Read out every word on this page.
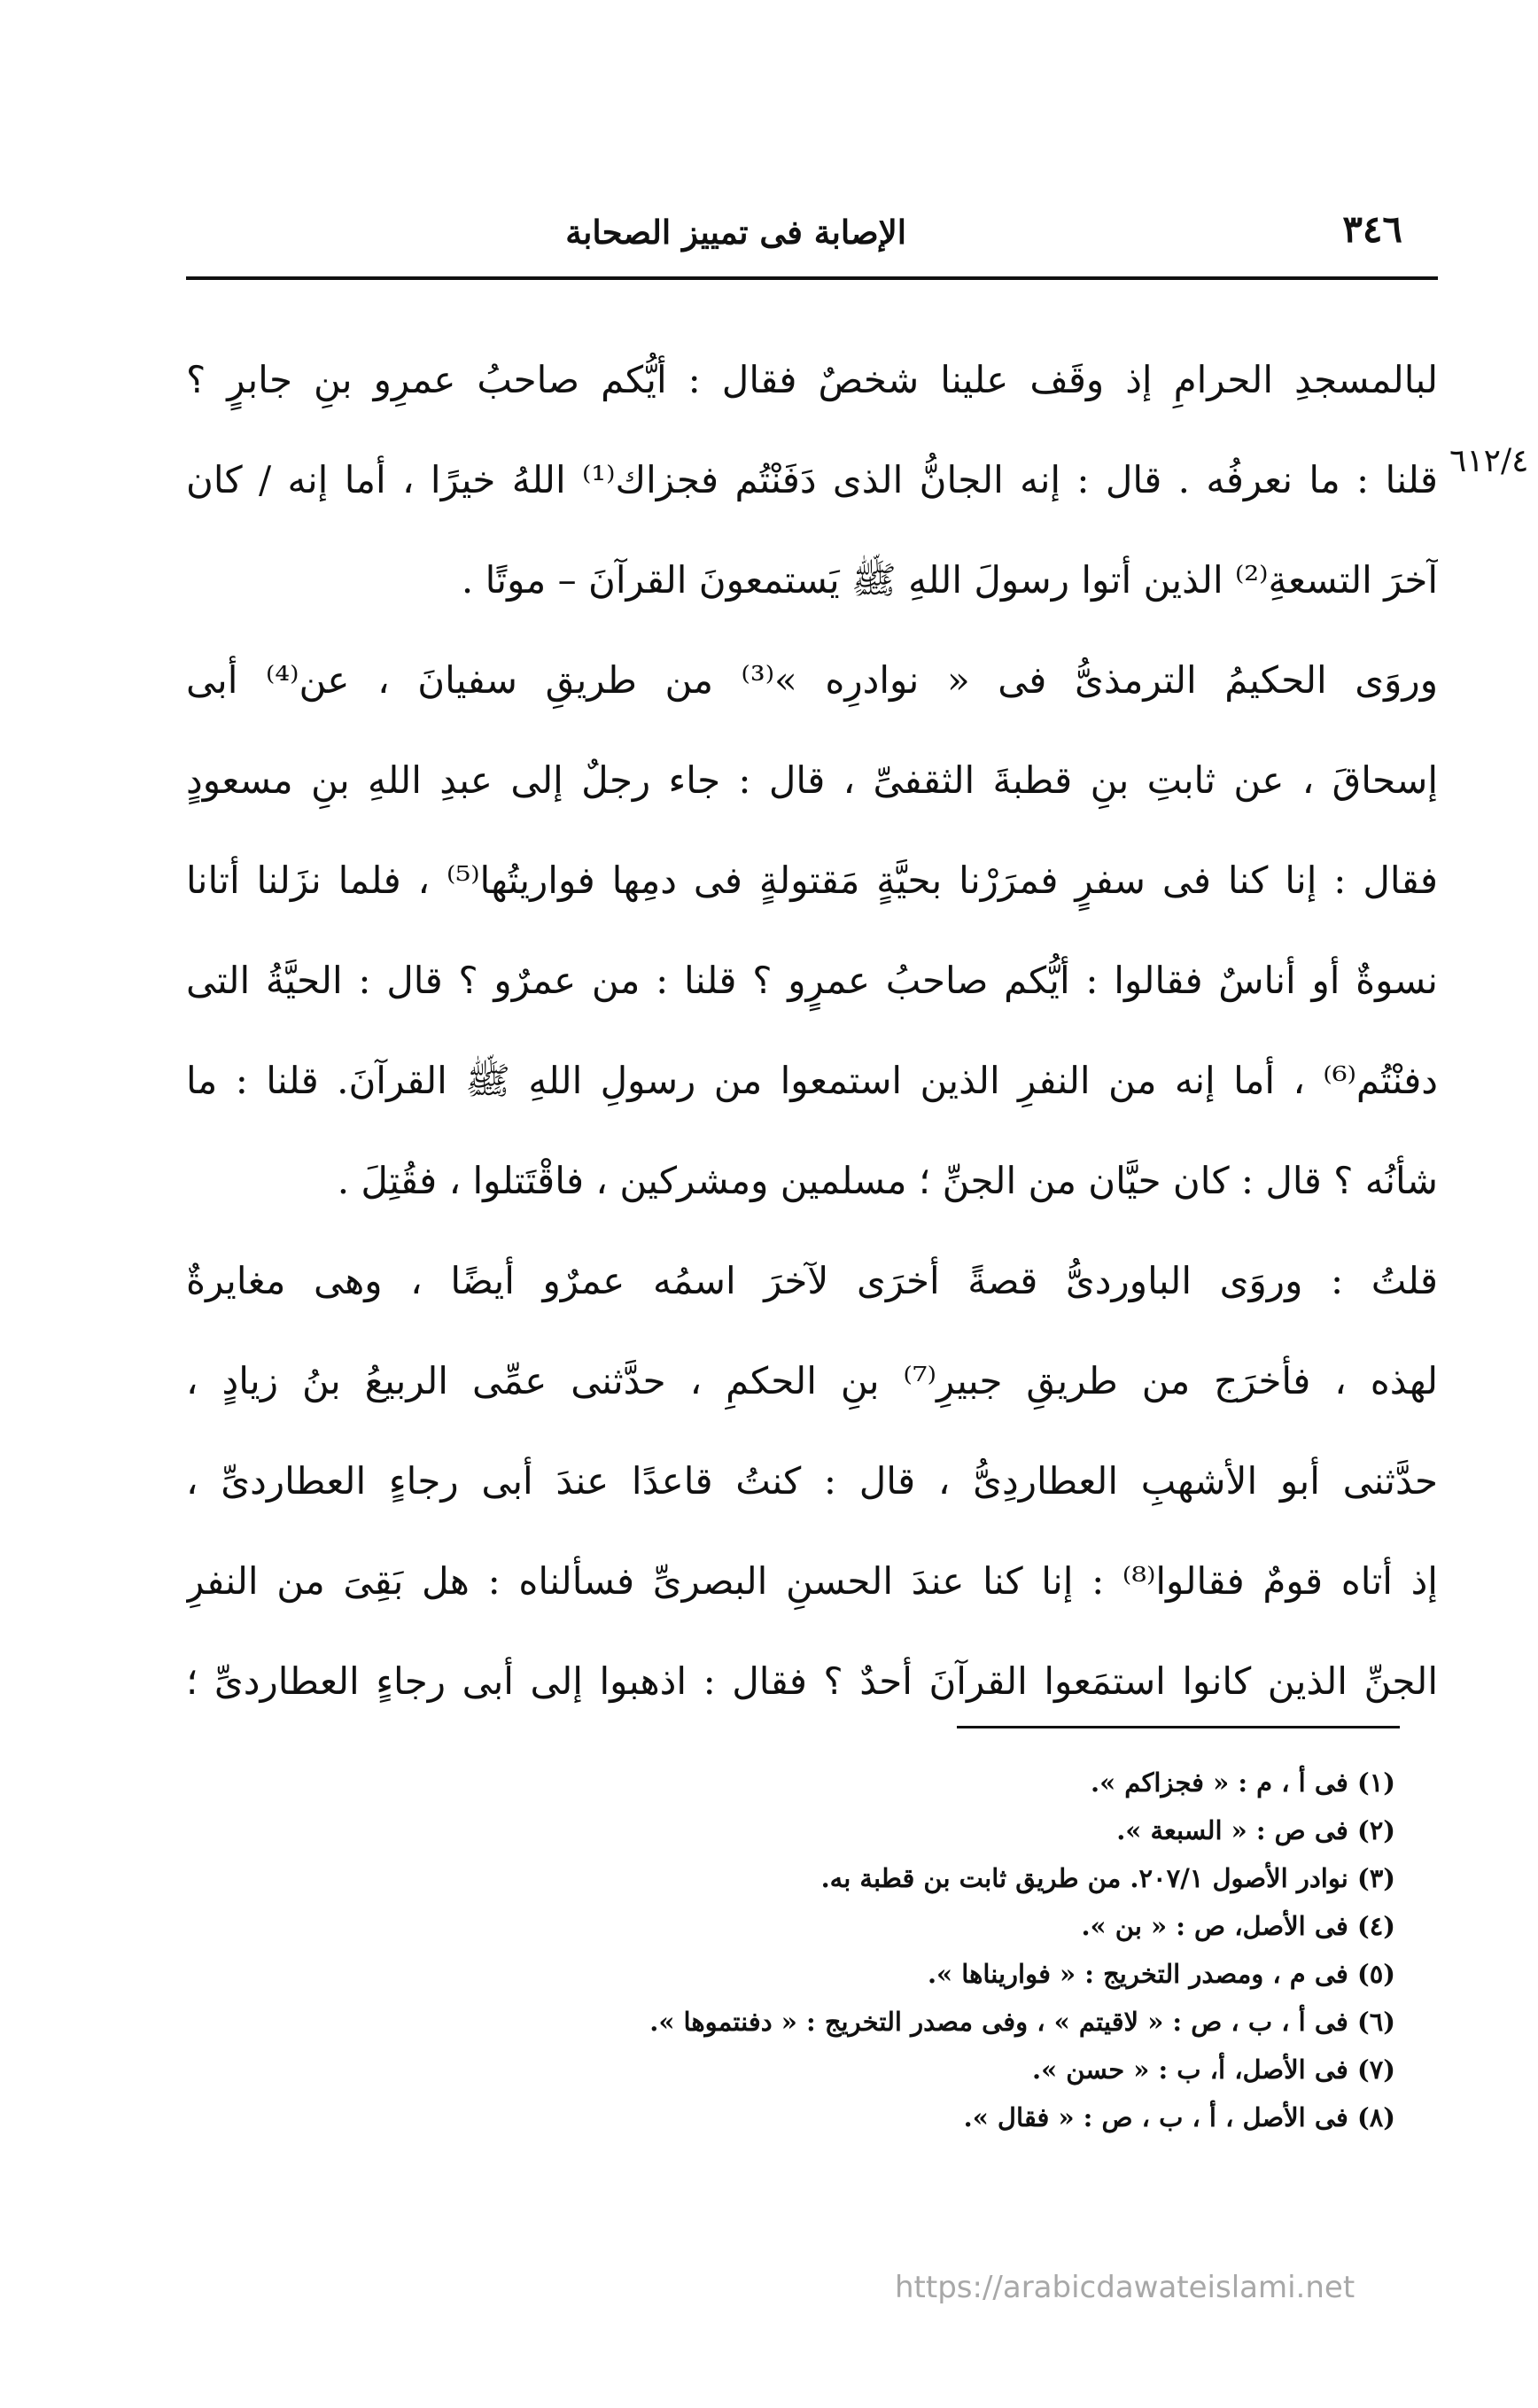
الإصابة فى تمييز الصحابة	٣٤٦
٦١٢/٤
لبالمسجدِ الحرامِ إذ وقَف علينا شخصٌ فقال : أيُّكم صاحبُ عمرِو بنِ جابرٍ ؟
قلنا : ما نعرفُه . قال : إنه الجانُّ الذى دَفَنْتُم فجزاك⁽¹⁾ اللهُ خيرًا ، أما إنه / كان
آخرَ التسعةِ⁽²⁾ الذين أتوا رسولَ اللهِ ﷺ يَستمعونَ القرآنَ – موتًا .
وروَى الحكيمُ الترمذىُّ فى « نوادرِه »⁽³⁾ من طريقِ سفيانَ ، عن⁽⁴⁾ أبى
إسحاقَ ، عن ثابتِ بنِ قطبةَ الثقفىِّ ، قال : جاء رجلٌ إلى عبدِ اللهِ بنِ مسعودٍ
فقال : إنا كنا فى سفرٍ فمرَرْنا بحيَّةٍ مَقتولةٍ فى دمِها فواريتُها⁽⁵⁾ ، فلما نزَلنا أتانا
نسوةٌ أو أناسٌ فقالوا : أيُّكم صاحبُ عمرٍو ؟ قلنا : من عمرٌو ؟ قال : الحيَّةُ التى
دفنْتُم⁽⁶⁾ ، أما إنه من النفرِ الذين استمعوا من رسولِ اللهِ ﷺ القرآنَ. قلنا : ما
شأنُه ؟ قال : كان حيَّان من الجنِّ ؛ مسلمين ومشركين ، فاقْتَتلوا ، فقُتِلَ .
قلتُ : وروَى الباوردىُّ قصةً أخرَى لآخرَ اسمُه عمرٌو أيضًا ، وهى مغايرةٌ
لهذه ، فأخرَج من طريقِ جبيرِ⁽⁷⁾ بنِ الحكمِ ، حدَّثنى عمِّى الربيعُ بنُ زيادٍ ،
حدَّثنى أبو الأشهبِ العطاردِىُّ ، قال : كنتُ قاعدًا عندَ أبى رجاءٍ العطاردىِّ ،
إذ أتاه قومٌ فقالوا⁽⁸⁾ : إنا كنا عندَ الحسنِ البصرىِّ فسألناه : هل بَقِىَ من النفرِ
الجنِّ الذين كانوا استمَعوا القرآنَ أحدٌ ؟ فقال : اذهبوا إلى أبى رجاءٍ العطاردىِّ ؛
(١) فى أ ، م : « فجزاكم ».
(٢) فى ص : « السبعة ».
(٣) نوادر الأصول ٢٠٧/١. من طريق ثابت بن قطبة به.
(٤) فى الأصل، ص : « بن ».
(٥) فى م ، ومصدر التخريج : « فواريناها ».
(٦) فى أ ، ب ، ص : « لاقيتم » ، وفى مصدر التخريج : « دفنتموها ».
(٧) فى الأصل، أ، ب : « حسن ».
(٨) فى الأصل ، أ ، ب ، ص : « فقال ».
https://arabicdawateislami.net
